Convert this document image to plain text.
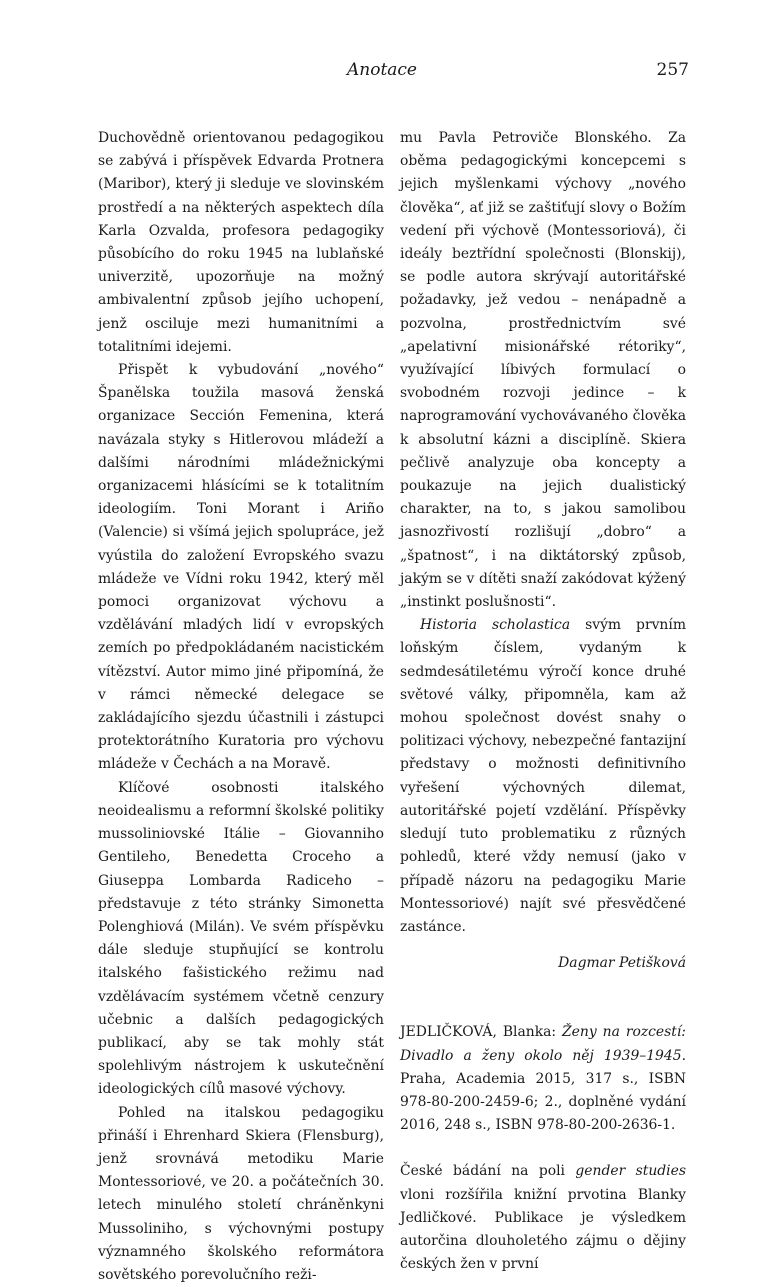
Anotace	257

Duchovědně orientovanou pedagogikou se zabývá i příspěvek Edvarda Protnera (Maribor), který ji sleduje ve slovinském prostředí a na některých aspektech díla Karla Ozvalda, profesora pedagogiky působícího do roku 1945 na lublaňské univerzitě, upozorňuje na možný ambivalentní způsob jejího uchopení, jenž osciluje mezi humanitními a totalitními idejemi.

Přispět k vybudování „nového“ Španělska toužila masová ženská organizace Sección Femenina, která navázala styky s Hitlerovou mládeží a dalšími národními mládežnickými organizacemi hlásícími se k totalitním ideologiím. Toni Morant i Ariño (Valencie) si všímá jejich spolupráce, jež vyústila do založení Evropského svazu mládeže ve Vídni roku 1942, který měl pomoci organizovat výchovu a vzdělávání mladých lidí v evropských zemích po předpokládaném nacistickém vítězství. Autor mimo jiné připomíná, že v rámci německé delegace se zakládajícího sjezdu účastnili i zástupci protektorátního Kuratoria pro výchovu mládeže v Čechách a na Moravě.

Klíčové osobnosti italského neoidealismu a reformní školské politiky mussoliniovské Itálie – Giovanniho Gentileho, Benedetta Croceho a Giuseppa Lombarda Radiceho – představuje z této stránky Simonetta Polenghiová (Milán). Ve svém příspěvku dále sleduje stupňující se kontrolu italského fašistického režimu nad vzdělávacím systémem včetně cenzury učebnic a dalších pedagogických publikací, aby se tak mohly stát spolehlivým nástrojem k uskutečnění ideologických cílů masové výchovy.

Pohled na italskou pedagogiku přináší i Ehrenhard Skiera (Flensburg), jenž srovnává metodiku Marie Montessoriové, ve 20. a počátečních 30. letech minulého století chráněnkyni Mussoliniho, s výchovnými postupy významného školského reformátora sovětského porevolučního reži-

mu Pavla Petroviče Blonského. Za oběma pedagogickými koncepcemi s jejich myšlenkami výchovy „nového člověka“, ať již se zaštiťují slovy o Božím vedení při výchově (Montessoriová), či ideály beztřídní společnosti (Blonskij), se podle autora skrývají autoritářské požadavky, jež vedou – nenápadně a pozvolna, prostřednictvím své „apelativní misionářské rétoriky“, využívající líbivých formulací o svobodném rozvoji jedince – k naprogramování vychovávaného člověka k absolutní kázni a disciplíně. Skiera pečlivě analyzuje oba koncepty a poukazuje na jejich dualistický charakter, na to, s jakou samolibou jasnozřivostí rozlišují „dobro“ a „špatnost“, i na diktátorský způsob, jakým se v dítěti snaží zakódovat kýžený „instinkt poslušnosti“.

Historia scholastica svým prvním loňským číslem, vydaným k sedmdesátiletému výročí konce druhé světové války, připomněla, kam až mohou společnost dovést snahy o politizaci výchovy, nebezpečné fantazijní představy o možnosti definitivního vyřešení výchovných dilemat, autoritářské pojetí vzdělání. Příspěvky sledují tuto problematiku z různých pohledů, které vždy nemusí (jako v případě názoru na pedagogiku Marie Montessoriové) najít své přesvědčené zastánce.

Dagmar Petišková

JEDLIČKOVÁ, Blanka: Ženy na rozcestí: Divadlo a ženy okolo něj 1939–1945. Praha, Academia 2015, 317 s., ISBN 978-80-200-2459-6; 2., doplněné vydání 2016, 248 s., ISBN 978-80-200-2636-1.

České bádání na poli gender studies vloni rozšířila knižní prvotina Blanky Jedličkové. Publikace je výsledkem autorčina dlouholetého zájmu o dějiny českých žen v první
